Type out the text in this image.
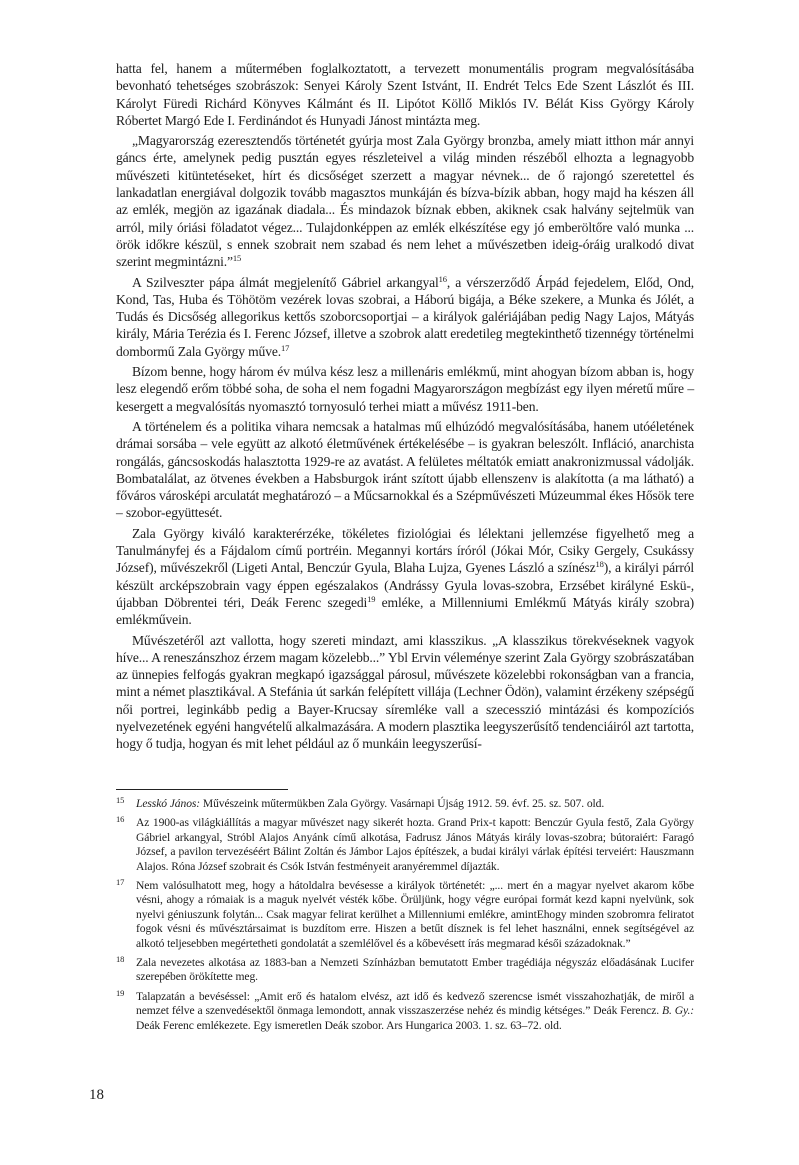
hatta fel, hanem a műtermében foglalkoztatott, a tervezett monumentális program megvalósításába bevonható tehetséges szobrászok: Senyei Károly Szent Istvánt, II. Endrét Telcs Ede Szent Lászlót és III. Károlyt Füredi Richárd Könyves Kálmánt és II. Lipótot Köllő Miklós IV. Bélát Kiss György Károly Róbertet Margó Ede I. Ferdinándot és Hunyadi Jánost mintázta meg.

„Magyarország ezeresztendős történetét gyúrja most Zala György bronzba, amely miatt itthon már annyi gáncs érte, amelynek pedig pusztán egyes részleteivel a világ minden részéből elhozta a legnagyobb művészeti kitüntetéseket, hírt és dicsőséget szerzett a magyar névnek... de ő rajongó szeretettel és lankadatlan energiával dolgozik tovább magasztos munkáján és bízva-bízik abban, hogy majd ha készen áll az emlék, megjön az igazának diadala... És mindazok bíznak ebben, akiknek csak halvány sejtelmük van arról, mily óriási föladatot végez... Tulajdonképpen az emlék elkészítése egy jó emberöltőre való munka ... örök időkre készül, s ennek szobrait nem szabad és nem lehet a művészetben ideig-óráig uralkodó divat szerint megmintázni.”$^{15}$

A Szilveszter pápa álmát megjelenítő Gábriel arkangyal$^{16}$, a vérszerződő Árpád fejedelem, Előd, Ond, Kond, Tas, Huba és Töhötöm vezérek lovas szobrai, a Háború bigája, a Béke szekere, a Munka és Jólét, a Tudás és Dicsőség allegorikus kettős szoborcsoportjai – a királyok galériájában pedig Nagy Lajos, Mátyás király, Mária Terézia és I. Ferenc József, illetve a szobrok alatt eredetileg megtekinthető tizennégy történelmi dombormű Zala György műve.$^{17}$

Bízom benne, hogy három év múlva kész lesz a millenáris emlékmű, mint ahogyan bízom abban is, hogy lesz elegendő erőm többé soha, de soha el nem fogadni Magyarországon megbízást egy ilyen méretű műre – kesergett a megvalósítás nyomasztó tornyosuló terhei miatt a művész 1911-ben.

A történelem és a politika vihara nemcsak a hatalmas mű elhúzódó megvalósításába, hanem utóéletének drámai sorsába – vele együtt az alkotó életművének értékelésébe – is gyakran beleszólt. Infláció, anarchista rongálás, gáncsoskodás halasztotta 1929-re az avatást. A felületes méltatók emiatt anakronizmussal vádolják. Bombatalálat, az ötvenes években a Habsburgok iránt szított újabb ellenszenv is alakította (a ma látható) a főváros városképi arculatát meghatározó – a Műcsarnokkal és a Szépművészeti Múzeummal ékes Hősök tere – szobor-együttesét.

Zala György kiváló karakterérzéke, tökéletes fiziológiai és lélektani jellemzése figyelhető meg a Tanulmányfej és a Fájdalom című portréin. Megannyi kortárs íróról (Jókai Mór, Csiky Gergely, Csukássy József), művészekről (Ligeti Antal, Benczúr Gyula, Blaha Lujza, Gyenes László a színész$^{18}$), a királyi párról készült arcképszobrain vagy éppen egészalakos (Andrássy Gyula lovas-szobra, Erzsébet királyné Eskü-, újabban Döbrentei téri, Deák Ferenc szegedi$^{19}$ emléke, a Millenniumi Emlékmű Mátyás király szobra) emlékművein.

Művészetéről azt vallotta, hogy szereti mindazt, ami klasszikus. „A klasszikus törekvéseknek vagyok híve... A reneszánszhoz érzem magam közelebb...” Ybl Ervin véleménye szerint Zala György szobrászatában az ünnepies felfogás gyakran megkapó igazsággal párosul, művészete közelebbi rokonságban van a francia, mint a német plasztikával. A Stefánia út sarkán felépített villája (Lechner Ödön), valamint érzékeny szépségű női portrei, leginkább pedig a Bayer-Krucsay síremléke vall a szecesszió mintázási és kompozíciós nyelvezetének egyéni hangvételű alkalmazására. A modern plasztika leegyszerűsítő tendenciáiról azt tartotta, hogy ő tudja, hogyan és mit lehet például az ő munkáin leegyszerűsí-

15 Lesskó János: Művészeink műtermükben Zala György. Vasárnapi Újság 1912. 59. évf. 25. sz. 507. old.

16 Az 1900-as világkiállítás a magyar művészet nagy sikerét hozta. Grand Prix-t kapott: Benczúr Gyula festő, Zala György Gábriel arkangyal, Stróbl Alajos Anyánk című alkotása, Fadrusz János Mátyás király lovas-szobra; bútoraiért: Faragó József, a pavilon tervezéséért Bálint Zoltán és Jámbor Lajos építészek, a budai királyi várlak építési terveiért: Hauszmann Alajos. Róna József szobrait és Csók István festményeit aranyéremmel díjazták.

17 Nem valósulhatott meg, hogy a hátoldalra bevésesse a királyok történetét: „... mert én a magyar nyelvet akarom kőbe vésni, ahogy a rómaiak is a maguk nyelvét vésték kőbe. Örüljünk, hogy végre európai formát kezd kapni nyelvünk, sok nyelvi géniuszunk folytán... Csak magyar felirat kerülhet a Millenniumi emlékre, amintEhogy minden szobromra feliratot fogok vésni és művésztársaimat is buzdítom erre. Hiszen a betűt dísznek is fel lehet használni, ennek segítségével az alkotó teljesebben megértetheti gondolatát a szemlélővel és a kőbevésett írás megmarad késői századoknak.”

18 Zala nevezetes alkotása az 1883-ban a Nemzeti Színházban bemutatott Ember tragédiája négyszáz előadásának Lucifer szerepében örökítette meg.

19 Talapzatán a bevéséssel: „Amit erő és hatalom elvész, azt idő és kedvező szerencse ismét visszahozhatják, de miről a nemzet félve a szenvedésektől önmaga lemondott, annak visszaszerzése nehéz és mindig kétséges.” Deák Ferencz. B. Gy.: Deák Ferenc emlékezete. Egy ismeretlen Deák szobor. Ars Hungarica 2003. 1. sz. 63–72. old.

18
